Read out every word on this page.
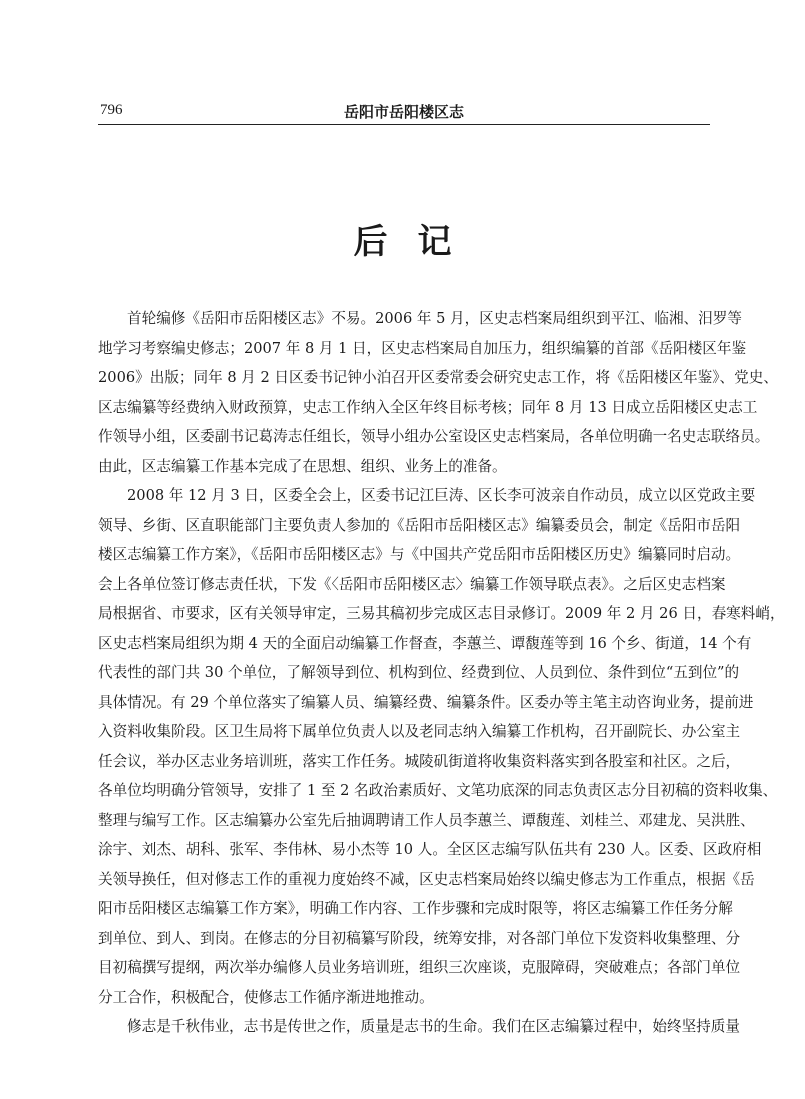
796	岳阳市岳阳楼区志
后记
首轮编修《岳阳市岳阳楼区志》不易。2006 年 5 月，区史志档案局组织到平江、临湘、汨罗等
地学习考察编史修志；2007 年 8 月 1 日，区史志档案局自加压力，组织编纂的首部《岳阳楼区年鉴
2006》出版；同年 8 月 2 日区委书记钟小泊召开区委常委会研究史志工作，将《岳阳楼区年鉴》、党史、
区志编纂等经费纳入财政预算，史志工作纳入全区年终目标考核；同年 8 月 13 日成立岳阳楼区史志工
作领导小组，区委副书记葛涛志任组长，领导小组办公室设区史志档案局，各单位明确一名史志联络员。
由此，区志编纂工作基本完成了在思想、组织、业务上的准备。
2008 年 12 月 3 日，区委全会上，区委书记江巨涛、区长李可波亲自作动员，成立以区党政主要
领导、乡街、区直职能部门主要负责人参加的《岳阳市岳阳楼区志》编纂委员会，制定《岳阳市岳阳
楼区志编纂工作方案》，《岳阳市岳阳楼区志》与《中国共产党岳阳市岳阳楼区历史》编纂同时启动。
会上各单位签订修志责任状，下发《〈岳阳市岳阳楼区志〉编纂工作领导联点表》。之后区史志档案
局根据省、市要求，区有关领导审定，三易其稿初步完成区志目录修订。2009 年 2 月 26 日，春寒料峭，
区史志档案局组织为期 4 天的全面启动编纂工作督查，李蕙兰、谭馥莲等到 16 个乡、街道，14 个有
代表性的部门共 30 个单位，了解领导到位、机构到位、经费到位、人员到位、条件到位“五到位”的
具体情况。有 29 个单位落实了编纂人员、编纂经费、编纂条件。区委办等主笔主动咨询业务，提前进
入资料收集阶段。区卫生局将下属单位负责人以及老同志纳入编纂工作机构，召开副院长、办公室主
任会议，举办区志业务培训班，落实工作任务。城陵矶街道将收集资料落实到各股室和社区。之后，
各单位均明确分管领导，安排了 1 至 2 名政治素质好、文笔功底深的同志负责区志分目初稿的资料收集、
整理与编写工作。区志编纂办公室先后抽调聘请工作人员李蕙兰、谭馥莲、刘桂兰、邓建龙、吴洪胜、
涂宇、刘杰、胡科、张军、李伟林、易小杰等 10 人。全区区志编写队伍共有 230 人。区委、区政府相
关领导换任，但对修志工作的重视力度始终不减，区史志档案局始终以编史修志为工作重点，根据《岳
阳市岳阳楼区志编纂工作方案》，明确工作内容、工作步骤和完成时限等，将区志编纂工作任务分解
到单位、到人、到岗。在修志的分目初稿纂写阶段，统筹安排，对各部门单位下发资料收集整理、分
目初稿撰写提纲，两次举办编修人员业务培训班，组织三次座谈，克服障碍，突破难点；各部门单位
分工合作，积极配合，使修志工作循序渐进地推动。
修志是千秋伟业，志书是传世之作，质量是志书的生命。我们在区志编纂过程中，始终坚持质量
